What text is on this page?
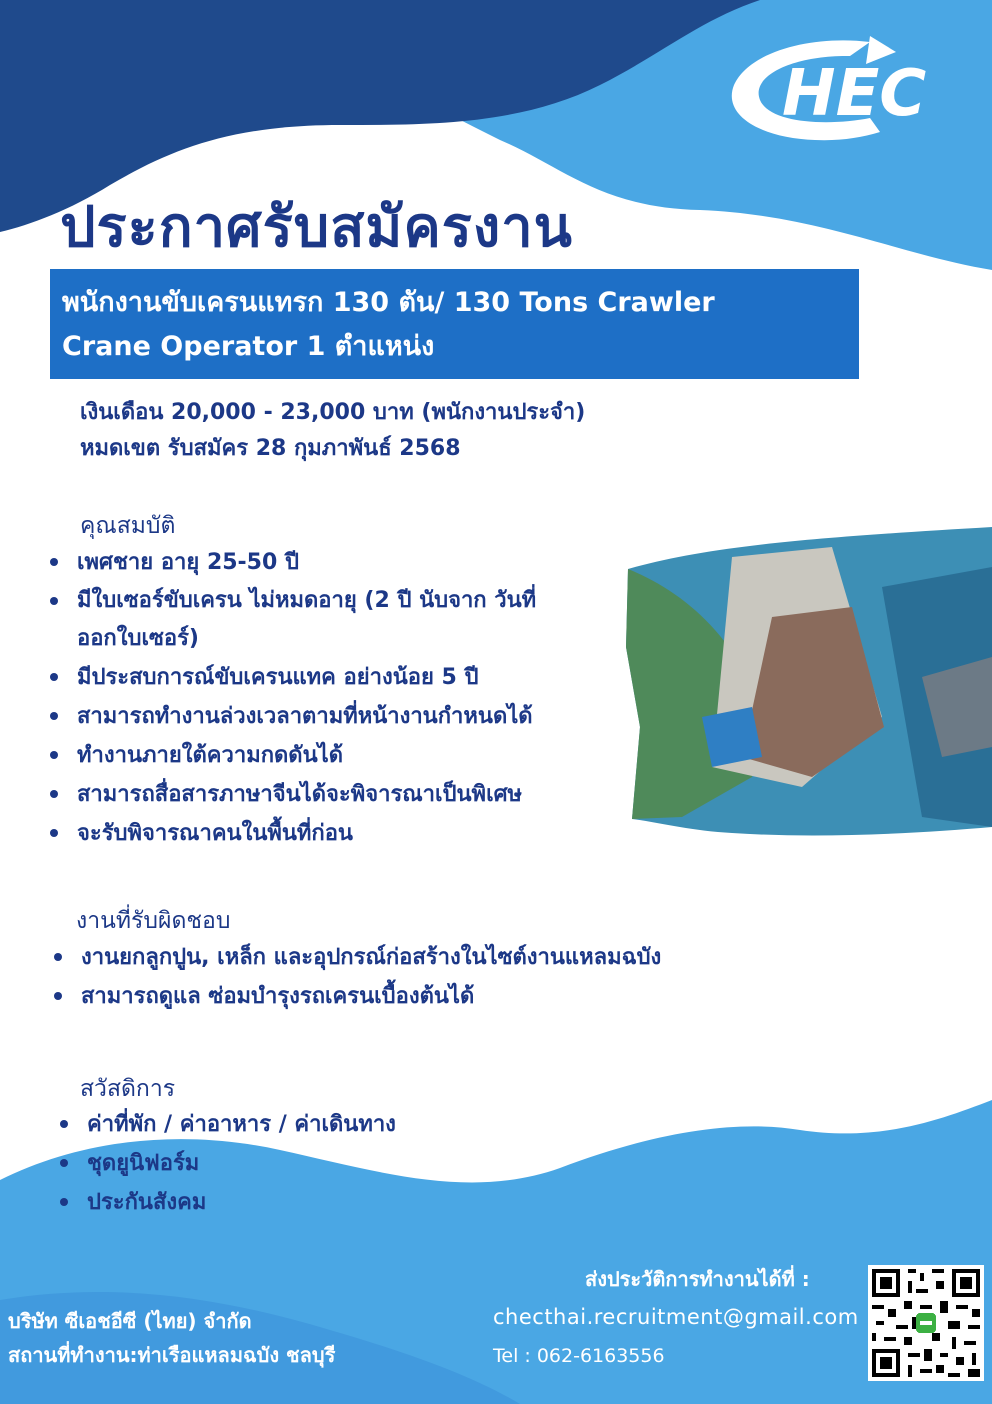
HEC
ประกาศรับสมัครงาน
พนักงานขับเครนแทรก 130 ตัน/ 130 Tons Crawler
Crane Operator 1 ตำแหน่ง
เงินเดือน 20,000 - 23,000 บาท (พนักงานประจำ)
หมดเขต รับสมัคร 28 กุมภาพันธ์ 2568
คุณสมบัติ
เพศชาย อายุ 25-50 ปี
มีใบเซอร์ขับเครน ไม่หมดอายุ (2 ปี นับจาก วันที่ออกใบเซอร์)
มีประสบการณ์ขับเครนแทค อย่างน้อย 5 ปี
สามารถทำงานล่วงเวลาตามที่หน้างานกำหนดได้
ทำงานภายใต้ความกดดันได้
สามารถสื่อสารภาษาจีนได้จะพิจารณาเป็นพิเศษ
จะรับพิจารณาคนในพื้นที่ก่อน
งานที่รับผิดชอบ
งานยกลูกปูน, เหล็ก และอุปกรณ์ก่อสร้างในไซต์งานแหลมฉบัง
สามารถดูแล ซ่อมบำรุงรถเครนเบื้องต้นได้
สวัสดิการ
ค่าที่พัก / ค่าอาหาร / ค่าเดินทาง
ชุดยูนิฟอร์ม
ประกันสังคม
บริษัท ซีเอชอีซี (ไทย) จำกัด
สถานที่ทำงาน:ท่าเรือแหลมฉบัง ชลบุรี
ส่งประวัติการทำงานได้ที่ :
checthai.recruitment@gmail.com
Tel : 062-6163556
